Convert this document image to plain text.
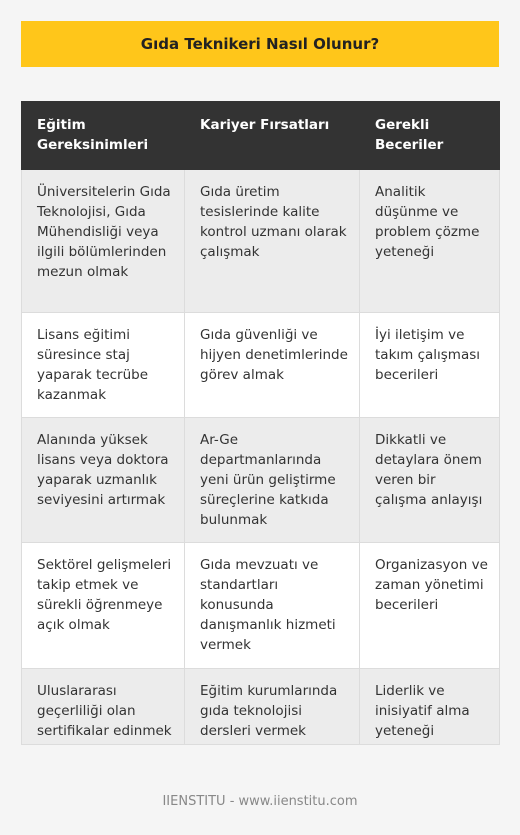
Gıda Teknikeri Nasıl Olunur?
Eğitim Gereksinimleri	Kariyer Fırsatları	Gerekli Beceriler
Üniversitelerin Gıda Teknolojisi, Gıda Mühendisliği veya ilgili bölümlerinden mezun olmak	Gıda üretim tesislerinde kalite kontrol uzmanı olarak çalışmak	Analitik düşünme ve problem çözme yeteneği
Lisans eğitimi süresince staj yaparak tecrübe kazanmak	Gıda güvenliği ve hijyen denetimlerinde görev almak	İyi iletişim ve takım çalışması becerileri
Alanında yüksek lisans veya doktora yaparak uzmanlık seviyesini artırmak	Ar-Ge departmanlarında yeni ürün geliştirme süreçlerine katkıda bulunmak	Dikkatli ve detaylara önem veren bir çalışma anlayışı
Sektörel gelişmeleri takip etmek ve sürekli öğrenmeye açık olmak	Gıda mevzuatı ve standartları konusunda danışmanlık hizmeti vermek	Organizasyon ve zaman yönetimi becerileri
Uluslararası geçerliliği olan sertifikalar edinmek	Eğitim kurumlarında gıda teknolojisi dersleri vermek	Liderlik ve inisiyatif alma yeteneği
IIENSTITU - www.iienstitu.com
